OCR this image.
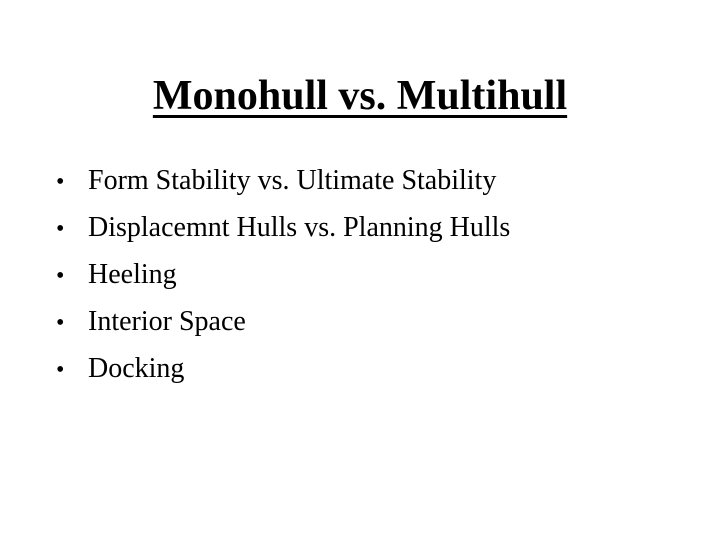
Monohull vs. Multihull
• Form Stability vs. Ultimate Stability
• Displacemnt Hulls vs. Planning Hulls
• Heeling
• Interior Space
• Docking
